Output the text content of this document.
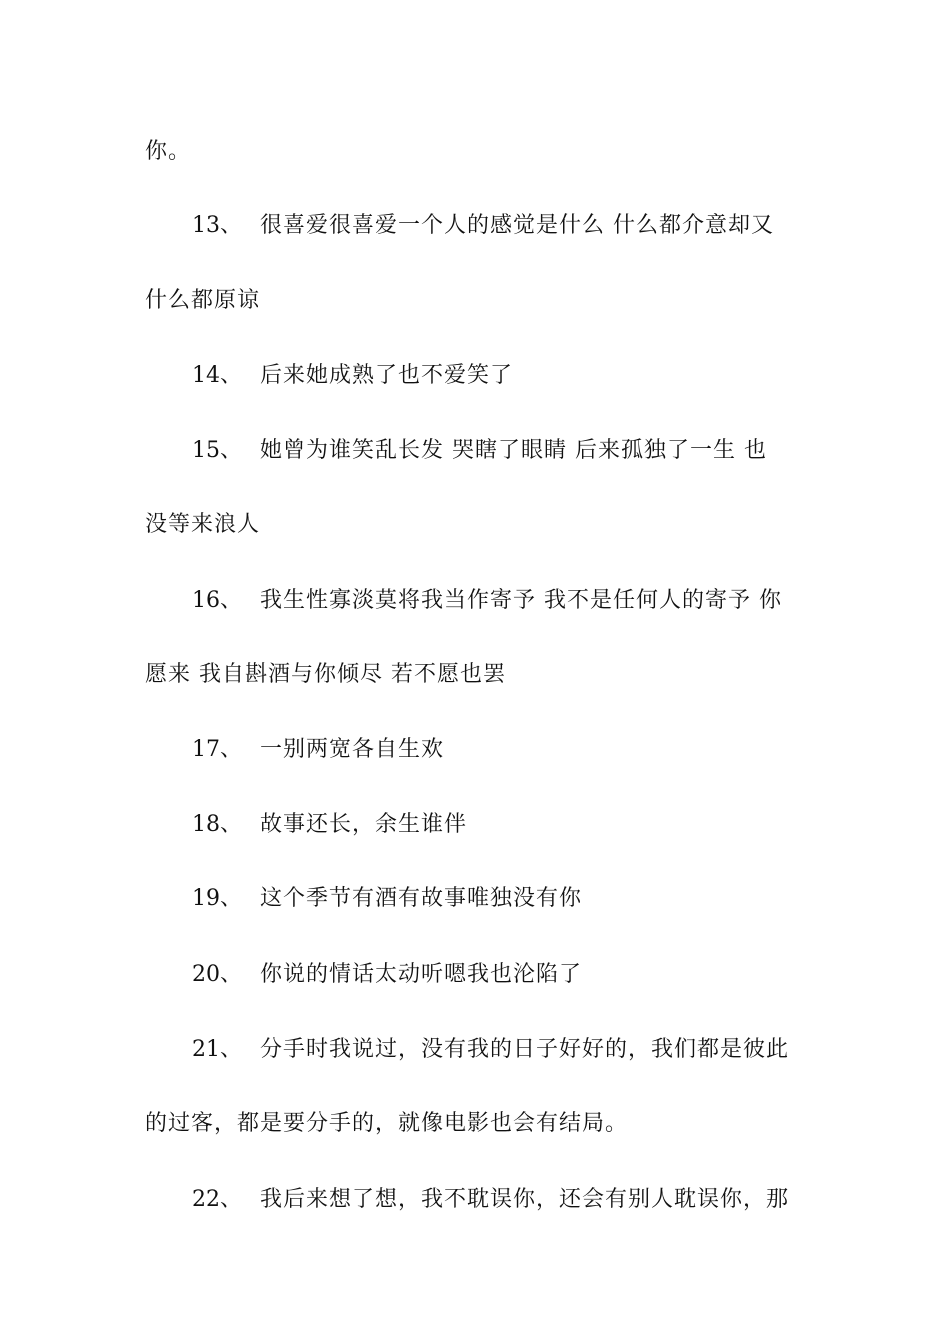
你。
13、 很喜爱很喜爱一个人的感觉是什么 什么都介意却又
什么都原谅
14、 后来她成熟了也不爱笑了
15、 她曾为谁笑乱长发 哭瞎了眼睛 后来孤独了一生 也
没等来浪人
16、 我生性寡淡莫将我当作寄予 我不是任何人的寄予 你
愿来 我自斟酒与你倾尽 若不愿也罢
17、 一别两宽各自生欢
18、 故事还长，余生谁伴
19、 这个季节有酒有故事唯独没有你
20、 你说的情话太动听嗯我也沦陷了
21、 分手时我说过，没有我的日子好好的，我们都是彼此
的过客，都是要分手的，就像电影也会有结局。
22、 我后来想了想，我不耽误你，还会有别人耽误你，那
